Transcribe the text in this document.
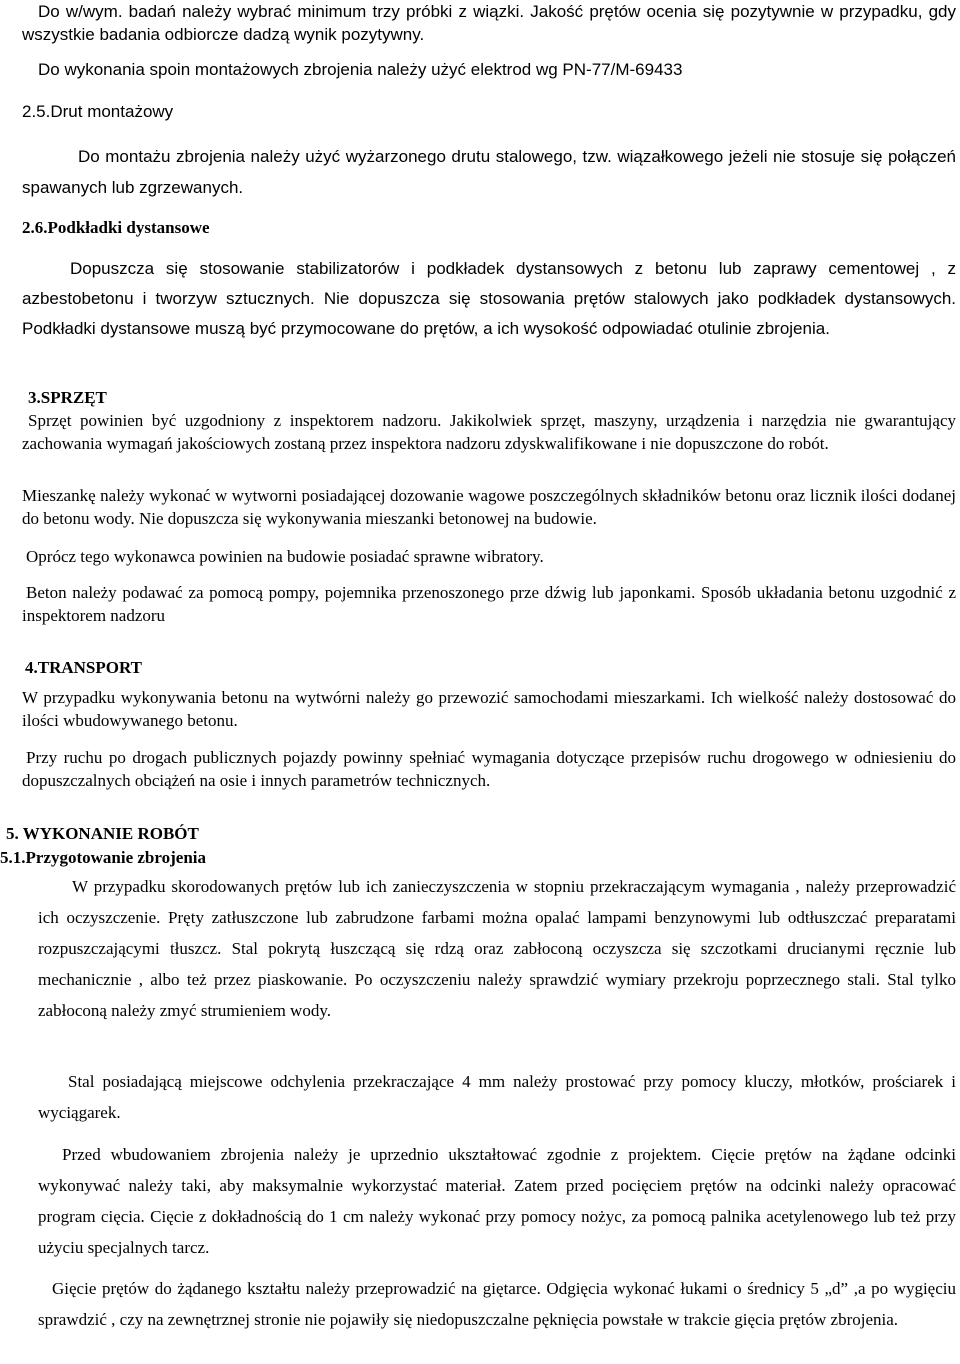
Do w/wym. badań należy wybrać minimum trzy próbki z wiązki. Jakość prętów ocenia się pozytywnie w przypadku, gdy wszystkie badania odbiorcze dadzą wynik pozytywny.

Do wykonania spoin montażowych zbrojenia należy użyć elektrod wg PN-77/M-69433

2.5.Drut montażowy

Do montażu zbrojenia należy użyć wyżarzonego drutu stalowego, tzw. wiązałkowego jeżeli nie stosuje się połączeń spawanych lub zgrzewanych.

2.6.Podkładki dystansowe

Dopuszcza się stosowanie stabilizatorów i podkładek dystansowych z betonu lub zaprawy cementowej , z azbestobetonu i tworzyw sztucznych. Nie dopuszcza się stosowania prętów stalowych jako podkładek dystansowych. Podkładki dystansowe muszą być przymocowane do prętów, a ich wysokość odpowiadać otulinie zbrojenia.

3.SPRZĘT

Sprzęt powinien być uzgodniony z inspektorem nadzoru. Jakikolwiek sprzęt, maszyny, urządzenia i narzędzia nie gwarantujący zachowania wymagań jakościowych zostaną przez inspektora nadzoru zdyskwalifikowane i nie dopuszczone do robót.

Mieszankę należy wykonać w wytworni posiadającej dozowanie wagowe poszczególnych składników betonu oraz licznik ilości dodanej do betonu wody. Nie dopuszcza się wykonywania mieszanki betonowej na budowie.

Oprócz tego wykonawca powinien na budowie posiadać sprawne wibratory.

Beton należy podawać za pomocą pompy, pojemnika przenoszonego prze dźwig lub japonkami. Sposób układania betonu uzgodnić z inspektorem nadzoru

4.TRANSPORT

W przypadku wykonywania betonu na wytwórni należy go przewozić samochodami mieszarkami. Ich wielkość należy dostosować do ilości wbudowywanego betonu.

Przy ruchu po drogach publicznych pojazdy powinny spełniać wymagania dotyczące przepisów ruchu drogowego w odniesieniu do dopuszczalnych obciążeń na osie i innych parametrów technicznych.

5. WYKONANIE ROBÓT
5.1.Przygotowanie zbrojenia

W przypadku skorodowanych prętów lub ich zanieczyszczenia w stopniu przekraczającym wymagania , należy przeprowadzić ich oczyszczenie. Pręty zatłuszczone lub zabrudzone farbami można opalać lampami benzynowymi lub odtłuszczać preparatami rozpuszczającymi tłuszcz. Stal pokrytą łuszczącą się rdzą oraz zabłoconą oczyszcza się szczotkami drucianymi ręcznie lub mechanicznie , albo też przez piaskowanie. Po oczyszczeniu należy sprawdzić wymiary przekroju poprzecznego stali. Stal tylko zabłoconą należy zmyć strumieniem wody.

Stal posiadającą miejscowe odchylenia przekraczające 4 mm należy prostować przy pomocy kluczy, młotków, prościarek i wyciągarek.

Przed wbudowaniem zbrojenia należy je uprzednio ukształtować zgodnie z projektem. Cięcie prętów na żądane odcinki wykonywać należy taki, aby maksymalnie wykorzystać materiał. Zatem przed pocięciem prętów na odcinki należy opracować program cięcia. Cięcie z dokładnością do 1 cm należy wykonać przy pomocy nożyc, za pomocą palnika acetylenowego lub też przy użyciu specjalnych tarcz.

Gięcie prętów do żądanego kształtu należy przeprowadzić na giętarce. Odgięcia wykonać łukami o średnicy 5 „d” ,a po wygięciu sprawdzić , czy na zewnętrznej stronie nie pojawiły się niedopuszczalne pęknięcia powstałe w trakcie gięcia prętów zbrojenia.
